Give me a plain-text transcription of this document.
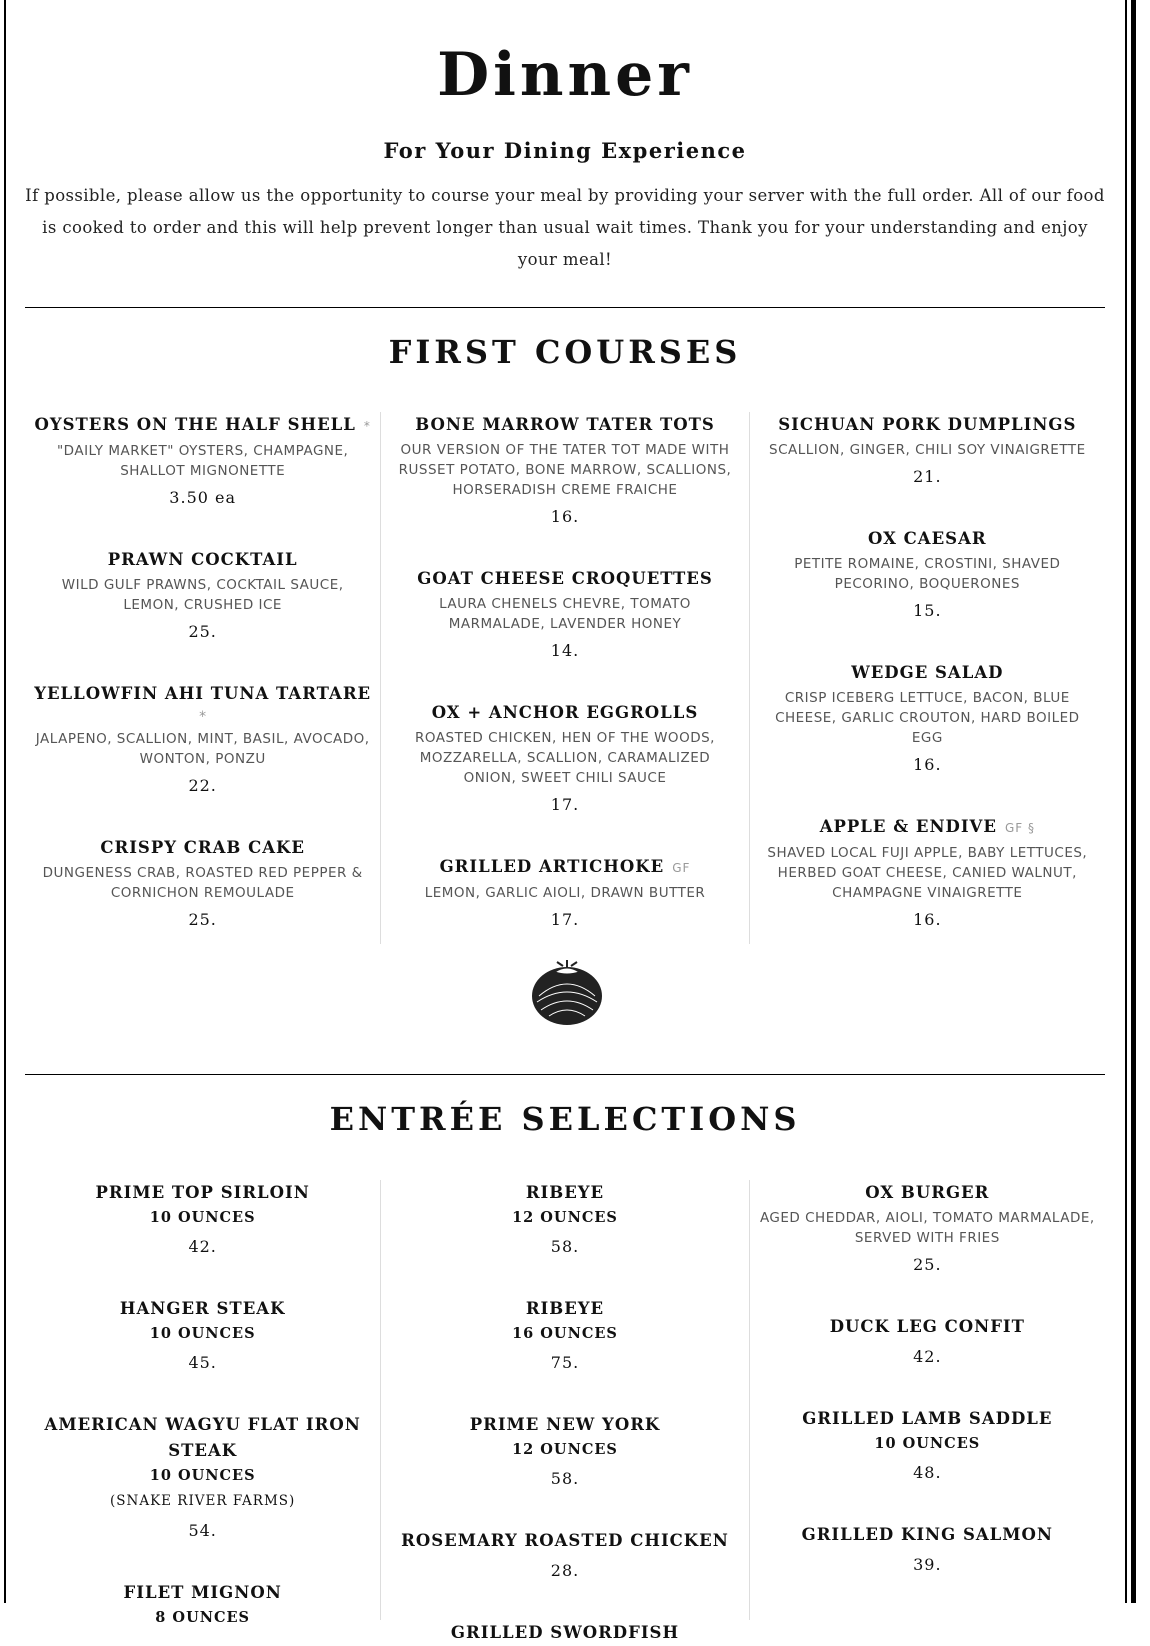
Dinner
For Your Dining Experience
If possible, please allow us the opportunity to course your meal by providing your server with the full order. All of our food is cooked to order and this will help prevent longer than usual wait times. Thank you for your understanding and enjoy your meal!
FIRST COURSES
OYSTERS ON THE HALF SHELL *
"DAILY MARKET" OYSTERS, CHAMPAGNE, SHALLOT MIGNONETTE
3.50 ea
PRAWN COCKTAIL
WILD GULF PRAWNS, COCKTAIL SAUCE, LEMON, CRUSHED ICE
25.
YELLOWFIN AHI TUNA TARTARE
*
JALAPENO, SCALLION, MINT, BASIL, AVOCADO, WONTON, PONZU
22.
CRISPY CRAB CAKE
DUNGENESS CRAB, ROASTED RED PEPPER & CORNICHON REMOULADE
25.
BONE MARROW TATER TOTS
OUR VERSION OF THE TATER TOT MADE WITH RUSSET POTATO, BONE MARROW, SCALLIONS, HORSERADISH CREME FRAICHE
16.
GOAT CHEESE CROQUETTES
LAURA CHENELS CHEVRE, TOMATO MARMALADE, LAVENDER HONEY
14.
OX + ANCHOR EGGROLLS
ROASTED CHICKEN, HEN OF THE WOODS, MOZZARELLA, SCALLION, CARAMALIZED ONION, SWEET CHILI SAUCE
17.
GRILLED ARTICHOKE GF
LEMON, GARLIC AIOLI, DRAWN BUTTER
17.
SICHUAN PORK DUMPLINGS
SCALLION, GINGER, CHILI SOY VINAIGRETTE
21.
OX CAESAR
PETITE ROMAINE, CROSTINI, SHAVED PECORINO, BOQUERONES
15.
WEDGE SALAD
CRISP ICEBERG LETTUCE, BACON, BLUE CHEESE, GARLIC CROUTON, HARD BOILED EGG
16.
APPLE & ENDIVE GF §
SHAVED LOCAL FUJI APPLE, BABY LETTUCES, HERBED GOAT CHEESE, CANIED WALNUT, CHAMPAGNE VINAIGRETTE
16.
ENTRÉE SELECTIONS
PRIME TOP SIRLOIN
10 OUNCES
42.
HANGER STEAK
10 OUNCES
45.
AMERICAN WAGYU FLAT IRON STEAK
10 OUNCES
(SNAKE RIVER FARMS)
54.
FILET MIGNON
8 OUNCES
RIBEYE
12 OUNCES
58.
RIBEYE
16 OUNCES
75.
PRIME NEW YORK
12 OUNCES
58.
ROSEMARY ROASTED CHICKEN
28.
GRILLED SWORDFISH
OX BURGER
AGED CHEDDAR, AIOLI, TOMATO MARMALADE, SERVED WITH FRIES
25.
DUCK LEG CONFIT
42.
GRILLED LAMB SADDLE
10 OUNCES
48.
GRILLED KING SALMON
39.
